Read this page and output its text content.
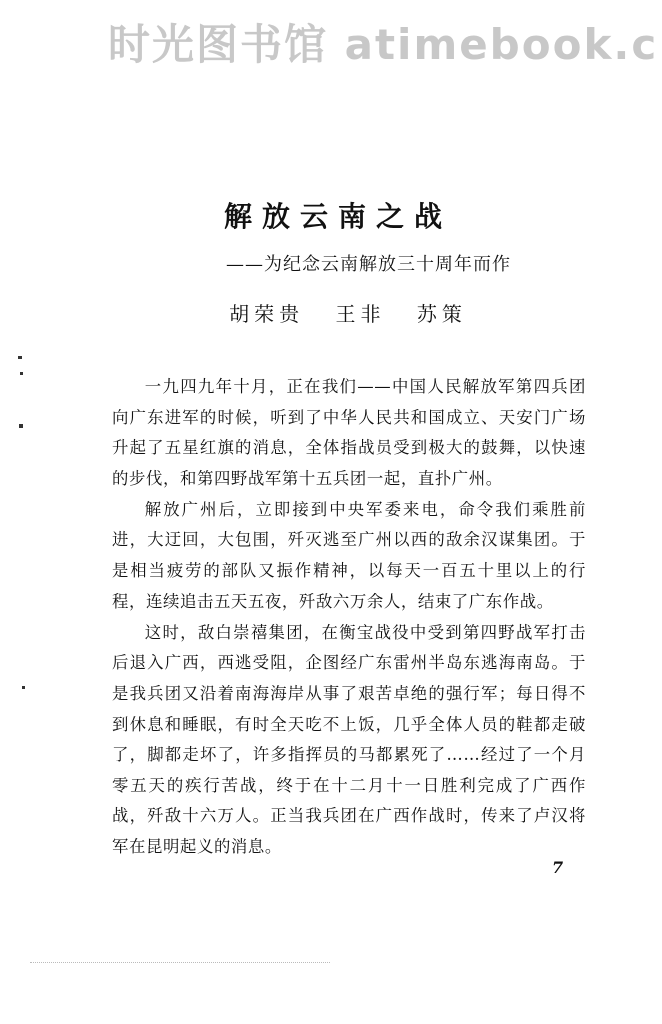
时光图书馆 atimebook.c
解放云南之战
——为纪念云南解放三十周年而作
胡荣贵 王非 苏策

一九四九年十月，正在我们——中国人民解放军第四兵团向广东进军的时候，听到了中华人民共和国成立、天安门广场升起了五星红旗的消息，全体指战员受到极大的鼓舞，以快速的步伐，和第四野战军第十五兵团一起，直扑广州。

解放广州后，立即接到中央军委来电，命令我们乘胜前进，大迂回，大包围，歼灭逃至广州以西的敌余汉谋集团。于是相当疲劳的部队又振作精神，以每天一百五十里以上的行程，连续追击五天五夜，歼敌六万余人，结束了广东作战。

这时，敌白崇禧集团，在衡宝战役中受到第四野战军打击后退入广西，西逃受阻，企图经广东雷州半岛东逃海南岛。于是我兵团又沿着南海海岸从事了艰苦卓绝的强行军；每日得不到休息和睡眠，有时全天吃不上饭，几乎全体人员的鞋都走破了，脚都走坏了，许多指挥员的马都累死了……经过了一个月零五天的疾行苦战，终于在十二月十一日胜利完成了广西作战，歼敌十六万人。正当我兵团在广西作战时，传来了卢汉将军在昆明起义的消息。

7
